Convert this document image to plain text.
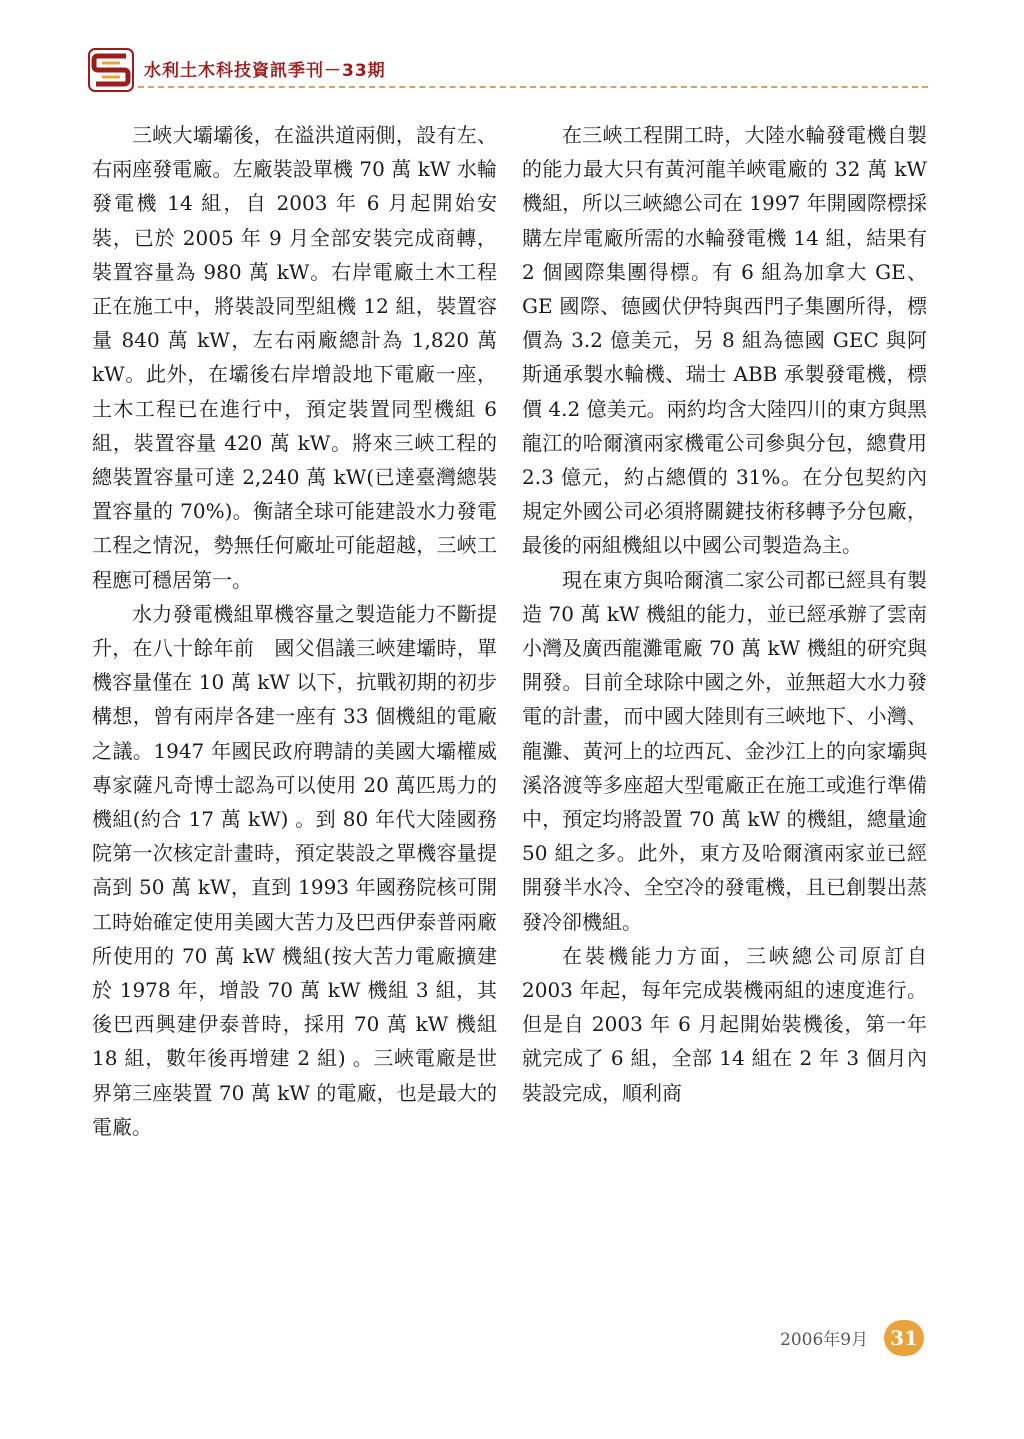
水利土木科技資訊季刊－33期

三峽大壩壩後，在溢洪道兩側，設有左、右兩座發電廠。左廠裝設單機 70 萬 kW 水輪發電機 14 組，自 2003 年 6 月起開始安裝，已於 2005 年 9 月全部安裝完成商轉，裝置容量為 980 萬 kW。右岸電廠土木工程正在施工中，將裝設同型組機 12 組，裝置容量 840 萬 kW，左右兩廠總計為 1,820 萬 kW。此外，在壩後右岸增設地下電廠一座，土木工程已在進行中，預定裝置同型機組 6 組，裝置容量 420 萬 kW。將來三峽工程的總裝置容量可達 2,240 萬 kW(已達臺灣總裝置容量的 70%)。衡諸全球可能建設水力發電工程之情況，勢無任何廠址可能超越，三峽工程應可穩居第一。

水力發電機組單機容量之製造能力不斷提升，在八十餘年前　國父倡議三峽建壩時，單機容量僅在 10 萬 kW 以下，抗戰初期的初步構想，曾有兩岸各建一座有 33 個機組的電廠之議。1947 年國民政府聘請的美國大壩權威專家薩凡奇博士認為可以使用 20 萬匹馬力的機組(約合 17 萬 kW) 。到 80 年代大陸國務院第一次核定計畫時，預定裝設之單機容量提高到 50 萬 kW，直到 1993 年國務院核可開工時始確定使用美國大苦力及巴西伊泰普兩廠所使用的 70 萬 kW 機組(按大苦力電廠擴建於 1978 年，增設 70 萬 kW 機組 3 組，其後巴西興建伊泰普時，採用 70 萬 kW 機組 18 組，數年後再增建 2 組) 。三峽電廠是世界第三座裝置 70 萬 kW 的電廠，也是最大的電廠。

在三峽工程開工時，大陸水輪發電機自製的能力最大只有黃河龍羊峽電廠的 32 萬 kW 機組，所以三峽總公司在 1997 年開國際標採購左岸電廠所需的水輪發電機 14 組，結果有 2 個國際集團得標。有 6 組為加拿大 GE、GE 國際、德國伏伊特與西門子集團所得，標價為 3.2 億美元，另 8 組為德國 GEC 與阿斯通承製水輪機、瑞士 ABB 承製發電機，標價 4.2 億美元。兩約均含大陸四川的東方與黑龍江的哈爾濱兩家機電公司參與分包，總費用 2.3 億元，約占總價的 31%。在分包契約內規定外國公司必須將關鍵技術移轉予分包廠，最後的兩組機組以中國公司製造為主。

現在東方與哈爾濱二家公司都已經具有製造 70 萬 kW 機組的能力，並已經承辦了雲南小灣及廣西龍灘電廠 70 萬 kW 機組的研究與開發。目前全球除中國之外，並無超大水力發電的計畫，而中國大陸則有三峽地下、小灣、龍灘、黃河上的垃西瓦、金沙江上的向家壩與溪洛渡等多座超大型電廠正在施工或進行準備中，預定均將設置 70 萬 kW 的機組，總量逾 50 組之多。此外，東方及哈爾濱兩家並已經開發半水冷、全空冷的發電機，且已創製出蒸發冷卻機組。

在裝機能力方面，三峽總公司原訂自 2003 年起，每年完成裝機兩組的速度進行。但是自 2003 年 6 月起開始裝機後，第一年就完成了 6 組，全部 14 組在 2 年 3 個月內裝設完成，順利商

2006年9月	31
